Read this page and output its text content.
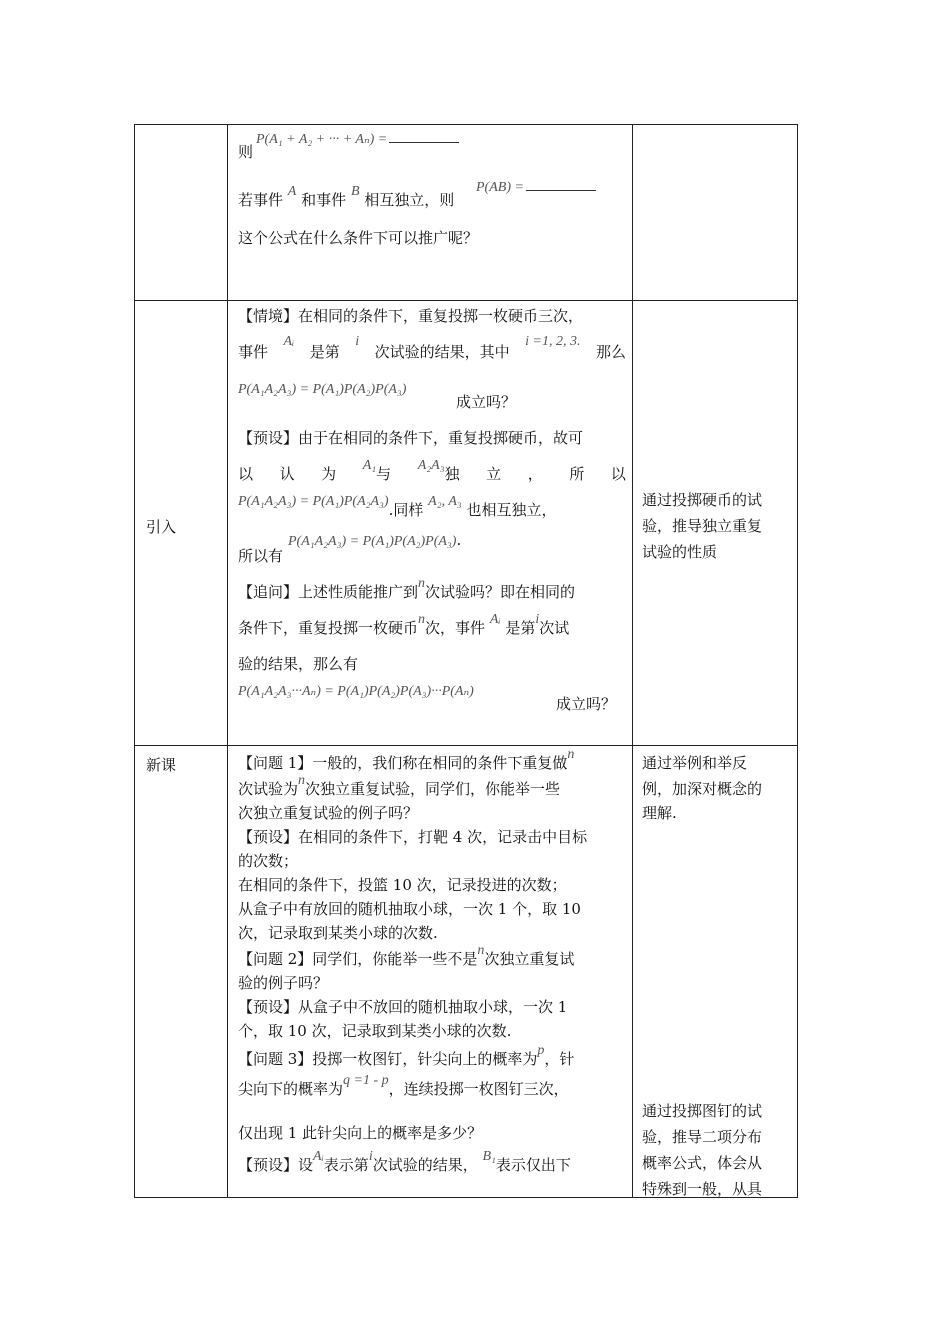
P(A₁ + A₂ + ··· + Aₙ) =
则
P(AB) =
若事件 A 和事件 B 相互独立，则
这个公式在什么条件下可以推广呢？
引入
【情境】在相同的条件下，重复投掷一枚硬币三次，
事件
Aᵢ
是第
i
次试验的结果，其中
i =1, 2, 3.
那么
P(A₁A₂A₃) = P(A₁)P(A₂)P(A₃)
成立吗？
【预设】由于在相同的条件下，重复投掷硬币，故可
以 认 为 A₁与 A₂A₃独 立 ， 所 以
P(A₁A₂A₃) = P(A₁)P(A₂A₃).同样 A₂, A₃ 也相互独立，
P(A₁A₂A₃) = P(A₁)P(A₂)P(A₃).
所以有
【追问】上述性质能推广到n次试验吗？即在相同的
条件下，重复投掷一枚硬币n次，事件 Aᵢ 是第i次试
验的结果，那么有
P(A₁A₂A₃···Aₙ) = P(A₁)P(A₂)P(A₃)···P(Aₙ)
成立吗？
通过投掷硬币的试
验，推导独立重复
试验的性质
新课	【问题 1】一般的，我们称在相同的条件下重复做n
次试验为n次独立重复试验，同学们，你能举一些
次独立重复试验的例子吗？
【预设】在相同的条件下，打靶 4 次，记录击中目标
的次数；
在相同的条件下，投篮 10 次，记录投进的次数；
从盒子中有放回的随机抽取小球，一次 1 个，取 10
次，记录取到某类小球的次数.
【问题 2】同学们，你能举一些不是n次独立重复试
验的例子吗？
【预设】从盒子中不放回的随机抽取小球，一次 1
个，取 10 次，记录取到某类小球的次数.
【问题 3】投掷一枚图钉，针尖向上的概率为p，针
尖向下的概率为q =1 - p，连续投掷一枚图钉三次，
仅出现 1 此针尖向上的概率是多少？
【预设】设Aᵢ表示第i次试验的结果， B₁表示仅出下
通过举例和举反
例，加深对概念的
理解.
通过投掷图钉的试
验，推导二项分布
概率公式，体会从
特殊到一般，从具
